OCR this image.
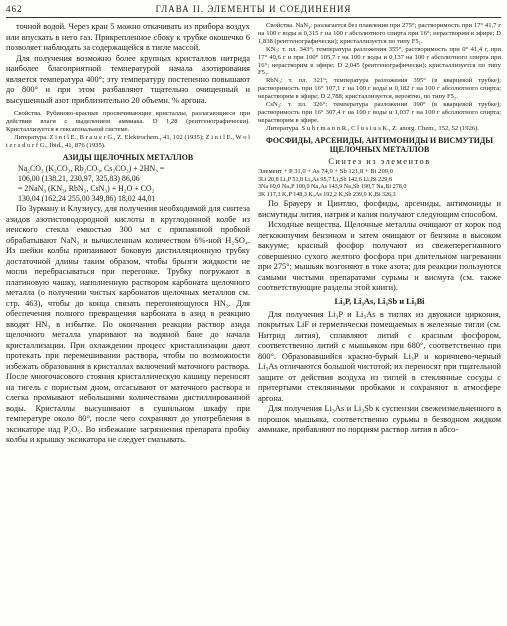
462	ГЛАВА II. ЭЛЕМЕНТЫ И СОЕДИНЕНИЯ

точной водой. Через кран 5 можно откачивать из прибора воздух или впускать в него газ. Прикрепленное сбоку к трубке окошечко 6 позволяет наблюдать за содержащейся в тигле массой.

Для получения возможно более крупных кристаллов нитрида наиболее благоприятной температурой начала азотирования является температура 400°; эту температуру постепенно повышают до 800° и при этом разбавляют тщательно очищенный и высушенный азот приблизительно 20 объемн. % аргона.

Свойства. Рубиново-красные просвечивающие кристаллы, разлагающиеся при действии влаги с выделением аммиака. D 1,28 (рентгенографически). Кристаллизуется в гексагональной системе.

Литература. Z i n t l E., B r a u e r G., Z. Elektrochem., 41, 102 (1935); Z i n t l E., W o l t e r s d o r f G., Ibid., 41, 876 (1935).

АЗИДЫ ЩЕЛОЧНЫХ МЕТАЛЛОВ
Na₂CO₃ (K₂CO₃, Rb₂CO₃, Cs₂CO₃) + 2HN₃ =
106,00 (138,21, 230,97, 325,83) 86,06
= 2NaN₃ (KN₃, RbN₃, CsN₃) + H₂O + CO₂
130,04 (162,24 255,00 349,86) 18,02 44,01

По Зурману и Клузиусу, для получения необходимой для синтеза азидов азотистоводородной кислоты в круглодонной колбе из иенского стекла емкостью 300 мл с припаянной пробкой обрабатывают NaN₃ и вычисленным количеством 6%-ной H₂SO₄. Из шейки колбы припаивают боковую дистилляционную трубку достаточной длины таким образом, чтобы брызги жидкости не могли перебрасываться при перегонке. Трубку погружают в платиновую чашку, наполненную раствором карбоната щелочного металла (о получении чистых карбонатов щелочных металлов см. стр. 463), чтобы до конца связать перегоняющуюся HN₃. Для обеспечения полного превращения карбоната в азид в реакцию вводят HN₃ в избытке. По окончании реакции раствор азида щелочного металла упаривают на водяной бане до начала кристаллизации. При охлаждении процесс кристаллизации дают протекать при перемешивании раствора, чтобы по возможности избежать образования в кристаллах включений маточного раствора. После многочасового стояния кристаллическую кашицу переносят на тигель с пористым дном, отсасывают от маточного раствора и слегка промывают небольшими количествами дистиллированной воды. Кристаллы высушивают в сушильном шкафу при температуре около 80°, после чего сохраняют до употребления в эксикаторе над P₂O₅. Во избежание загрязнения препарата пробку колбы и крышку эксикатора не следует смазывать.

Свойства. NaN₃: разлагается без плавления при 275°; растворимость при 17° 41,7 г на 100 г воды и 0,315 г на 100 г абсолютного спирта при 16°; нерастворим в эфире; D 1,838 (рентгенографически); кристаллизуется по типу F5₁.

KN₃: т. пл. 343°; температура разложения 355°, растворимость при 0° 41,4 г, при 17° 49,6 г и при 100° 105,7 г на 100 г воды и 0,137 на 100 г абсолютного спирта при 16°; нерастворим в эфире; D 2,045 (рентгенографически); кристаллизуется по типу F5₂.

RbN₃: т. пл. 321°; температура разложения 395° (в кварцевой трубке); растворимость при 16° 107,1 г на 100 г воды и 0,182 г на 100 г абсолютного спирта; нерастворим в эфире; D 2,788; кристаллизуется, вероятно, по типу F5₂.

CsN₃: т. пл. 326°; температура разложения 390° (в кварцевой трубке); растворимость при 16° 307,4 г на 100 г воды и 1,037 г на 100 г абсолютного спирта; нерастворим в эфире.

Литература. S u h r m a n n R., C l u s i u s K., Z. anorg. Chem., 152, 52 (1926).

ФОСФИДЫ, АРСЕНИДЫ, АНТИМОНИДЫ И ВИСМУТИДЫ ЩЕЛОЧНЫХ МЕТАЛЛОВ
Синтез из элементов
Элемент + P 31,0 + As 74,9 + Sb 121,8 + Bi 209,0
3Li 20,8 Li₃P 51,8 Li₃As 95,7 Li₃Sb 142,6 Li₃Bi 229,8
3Na 69,0 Na₃P 100,0 Na₃As 143,9 Na₃Sb 190,7 Na₃Bi 278,0
3K 117,3 K₃P 148,3 K₃As 192,2 K₃Sb 239,0 K₃Bi 326,3

По Брауеру и Цинтлю, фосфиды, арсениды, антимониды и висмутиды лития, натрия и калия получают следующим способом.

Исходные вещества. Щелочные металлы очищают от корок под легкокипучим бензином и затем очищают от бензина в высоком вакууме; красный фосфор получают из свежеперегнанного совершенно сухого желтого фосфора при длительном нагревании при 275°; мышьяк возгоняют в токе азота; для реакции пользуются самыми чистыми препаратами сурьмы и висмута (см. также соответствующие разделы этой книги).

Li₃P, Li₃As, Li₃Sb и Li₃Bi

Для получения Li₃P и Li₃As в тиглях из двуокиси циркония, покрытых LiF и герметически помещаемых в железные тигли (см. Нитрид лития), сплавляют литий с красным фосфором, соответственно литий с мышьяком при 680°, соответственно при 800°. Образовавшийся красно-бурый Li₃P и коричнево-черный Li₃As отличаются большой чистотой; их переносят при тщательной защите от действия воздуха из тиглей в стеклянные сосуды с притертыми стеклянными пробками и сохраняют в атмосфере аргона.

Для получения Li₃As и Li₃Sb к суспензии свежеизмельченного в порошок мышьяка, соответственно сурьмы в безводном жидком аммиаке, прибавляют по порциям раствор лития в абсо-
